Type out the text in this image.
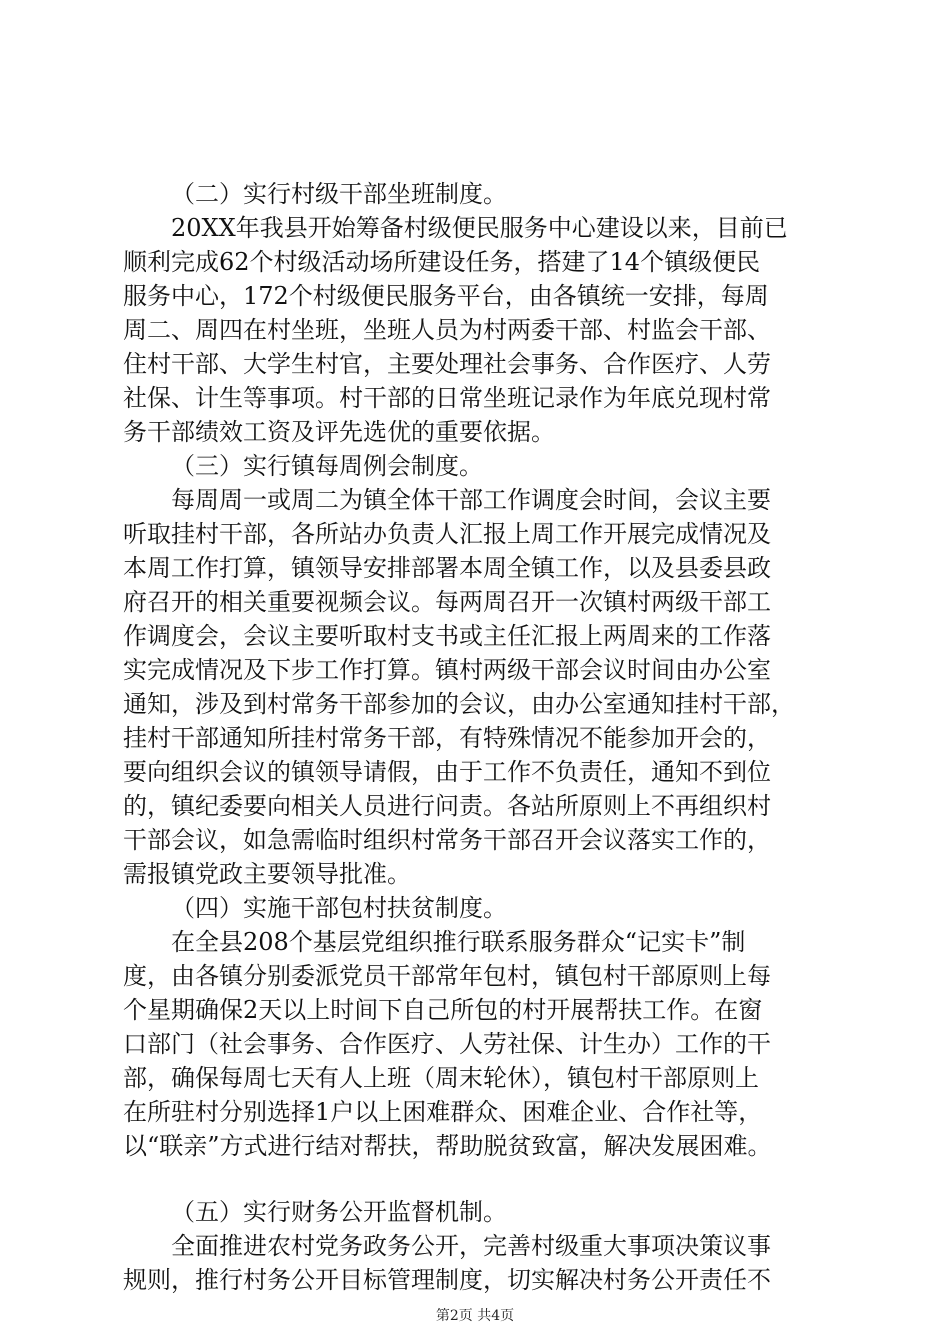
（二）实行村级干部坐班制度。
20XX年我县开始筹备村级便民服务中心建设以来，目前已
顺利完成62个村级活动场所建设任务，搭建了14个镇级便民
服务中心，172个村级便民服务平台，由各镇统一安排，每周
周二、周四在村坐班，坐班人员为村两委干部、村监会干部、
住村干部、大学生村官，主要处理社会事务、合作医疗、人劳
社保、计生等事项。村干部的日常坐班记录作为年底兑现村常
务干部绩效工资及评先选优的重要依据。
（三）实行镇每周例会制度。
每周周一或周二为镇全体干部工作调度会时间，会议主要
听取挂村干部，各所站办负责人汇报上周工作开展完成情况及
本周工作打算，镇领导安排部署本周全镇工作，以及县委县政
府召开的相关重要视频会议。每两周召开一次镇村两级干部工
作调度会，会议主要听取村支书或主任汇报上两周来的工作落
实完成情况及下步工作打算。镇村两级干部会议时间由办公室
通知，涉及到村常务干部参加的会议，由办公室通知挂村干部，
挂村干部通知所挂村常务干部，有特殊情况不能参加开会的，
要向组织会议的镇领导请假，由于工作不负责任，通知不到位
的，镇纪委要向相关人员进行问责。各站所原则上不再组织村
干部会议，如急需临时组织村常务干部召开会议落实工作的，
需报镇党政主要领导批准。
（四）实施干部包村扶贫制度。
在全县208个基层党组织推行联系服务群众“记实卡”制
度，由各镇分别委派党员干部常年包村，镇包村干部原则上每
个星期确保2天以上时间下自己所包的村开展帮扶工作。在窗
口部门（社会事务、合作医疗、人劳社保、计生办）工作的干
部，确保每周七天有人上班（周末轮休），镇包村干部原则上
在所驻村分别选择1户以上困难群众、困难企业、合作社等，
以“联亲”方式进行结对帮扶，帮助脱贫致富，解决发展困难。
（五）实行财务公开监督机制。
全面推进农村党务政务公开，完善村级重大事项决策议事
规则，推行村务公开目标管理制度，切实解决村务公开责任不
第2页 共4页
